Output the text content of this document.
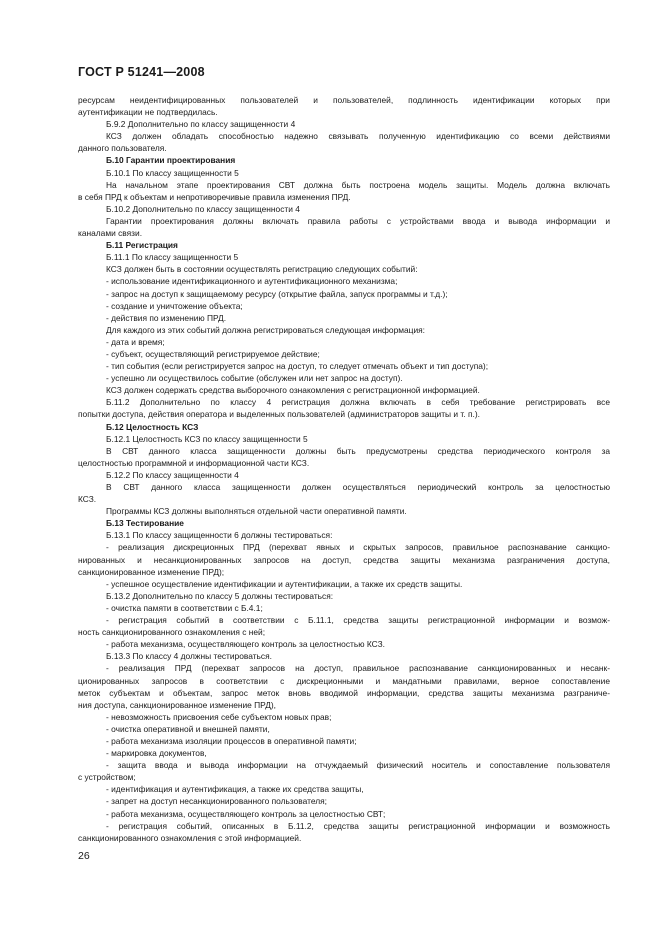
ГОСТ Р 51241—2008
ресурсам неидентифицированных пользователей и пользователей, подлинность идентификации которых при
аутентификации не подтвердилась.
Б.9.2 Дополнительно по классу защищенности 4
КСЗ должен обладать способностью надежно связывать полученную идентификацию со всеми действиями
данного пользователя.
Б.10 Гарантии проектирования
Б.10.1 По классу защищенности 5
На начальном этапе проектирования СВТ должна быть построена модель защиты. Модель должна включать
в себя ПРД к объектам и непротиворечивые правила изменения ПРД.
Б.10.2 Дополнительно по классу защищенности 4
Гарантии проектирования должны включать правила работы с устройствами ввода и вывода информации и
каналами связи.
Б.11 Регистрация
Б.11.1 По классу защищенности 5
КСЗ должен быть в состоянии осуществлять регистрацию следующих событий:
- использование идентификационного и аутентификационного механизма;
- запрос на доступ к защищаемому ресурсу (открытие файла, запуск программы и т.д.);
- создание и уничтожение объекта;
- действия по изменению ПРД.
Для каждого из этих событий должна регистрироваться следующая информация:
- дата и время;
- субъект, осуществляющий регистрируемое действие;
- тип события (если регистрируется запрос на доступ, то следует отмечать объект и тип доступа);
- успешно ли осуществилось событие (обслужен или нет запрос на доступ).
КСЗ должен содержать средства выборочного ознакомления с регистрационной информацией.
Б.11.2 Дополнительно по классу 4 регистрация должна включать в себя требование регистрировать все
попытки доступа, действия оператора и выделенных пользователей (администраторов защиты и т. п.).
Б.12 Целостность КСЗ
Б.12.1 Целостность КСЗ по классу защищенности 5
В СВТ данного класса защищенности должны быть предусмотрены средства периодического контроля за
целостностью программной и информационной части КСЗ.
Б.12.2 По классу защищенности 4
В СВТ данного класса защищенности должен осуществляться периодический контроль за целостностью
КСЗ.
Программы КСЗ должны выполняться отдельной части оперативной памяти.
Б.13 Тестирование
Б.13.1 По классу защищенности 6 должны тестироваться:
- реализация дискреционных ПРД (перехват явных и скрытых запросов, правильное распознавание санкцио-
нированных и несанкционированных запросов на доступ, средства защиты механизма разграничения доступа,
санкционированное изменение ПРД);
- успешное осуществление идентификации и аутентификации, а также их средств защиты.
Б.13.2 Дополнительно по классу 5 должны тестироваться:
- очистка памяти в соответствии с Б.4.1;
- регистрация событий в соответствии с Б.11.1, средства защиты регистрационной информации и возмож-
ность санкционированного ознакомления с ней;
- работа механизма, осуществляющего контроль за целостностью КСЗ.
Б.13.3 По классу 4 должны тестироваться.
- реализация ПРД (перехват запросов на доступ, правильное распознавание санкционированных и несанк-
ционированных запросов в соответствии с дискреционными и мандатными правилами, верное сопоставление
меток субъектам и объектам, запрос меток вновь вводимой информации, средства защиты механизма разграниче-
ния доступа, санкционированное изменение ПРД),
- невозможность присвоения себе субъектом новых прав;
- очистка оперативной и внешней памяти,
- работа механизма изоляции процессов в оперативной памяти;
- маркировка документов,
- защита ввода и вывода информации на отчуждаемый физический носитель и сопоставление пользователя
с устройством;
- идентификация и аутентификация, а также их средства защиты,
- запрет на доступ несанкционированного пользователя;
- работа механизма, осуществляющего контроль за целостностью СВТ;
- регистрация событий, описанных в Б.11.2, средства защиты регистрационной информации и возможность
санкционированного ознакомления с этой информацией.
26
